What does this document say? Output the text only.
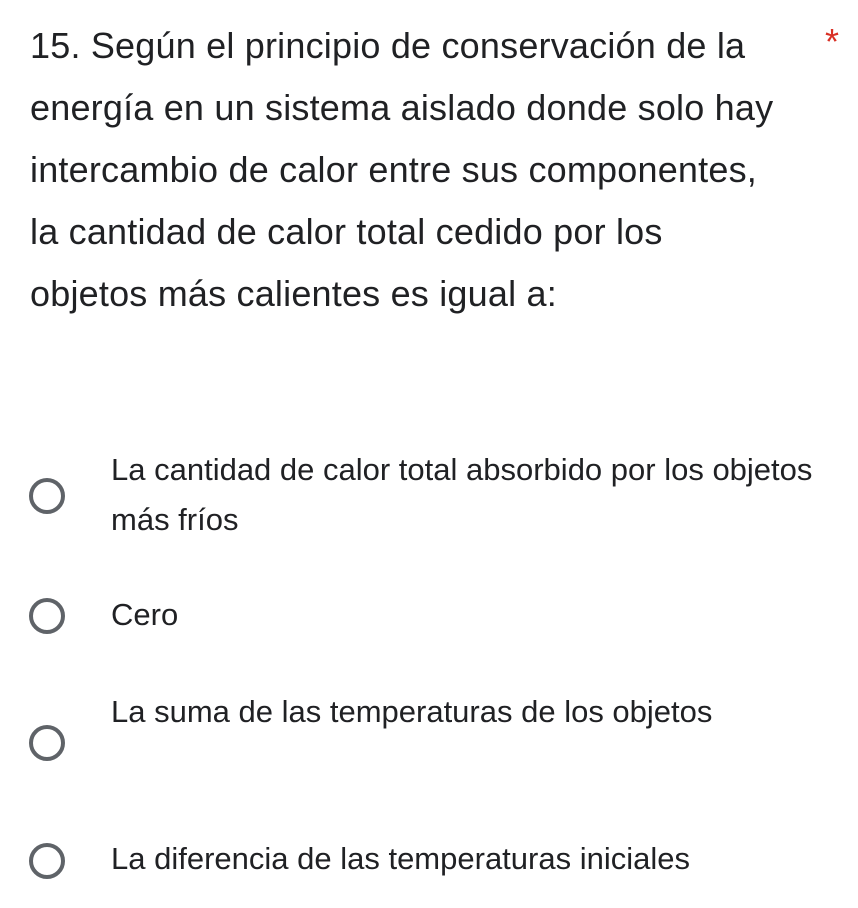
15. Según el principio de conservación de la energía en un sistema aislado donde solo hay intercambio de calor entre sus componentes, la cantidad de calor total cedido por los objetos más calientes es igual a:
*
La cantidad de calor total absorbido por los objetos más fríos
Cero
La suma de las temperaturas de los objetos
La diferencia de las temperaturas iniciales
